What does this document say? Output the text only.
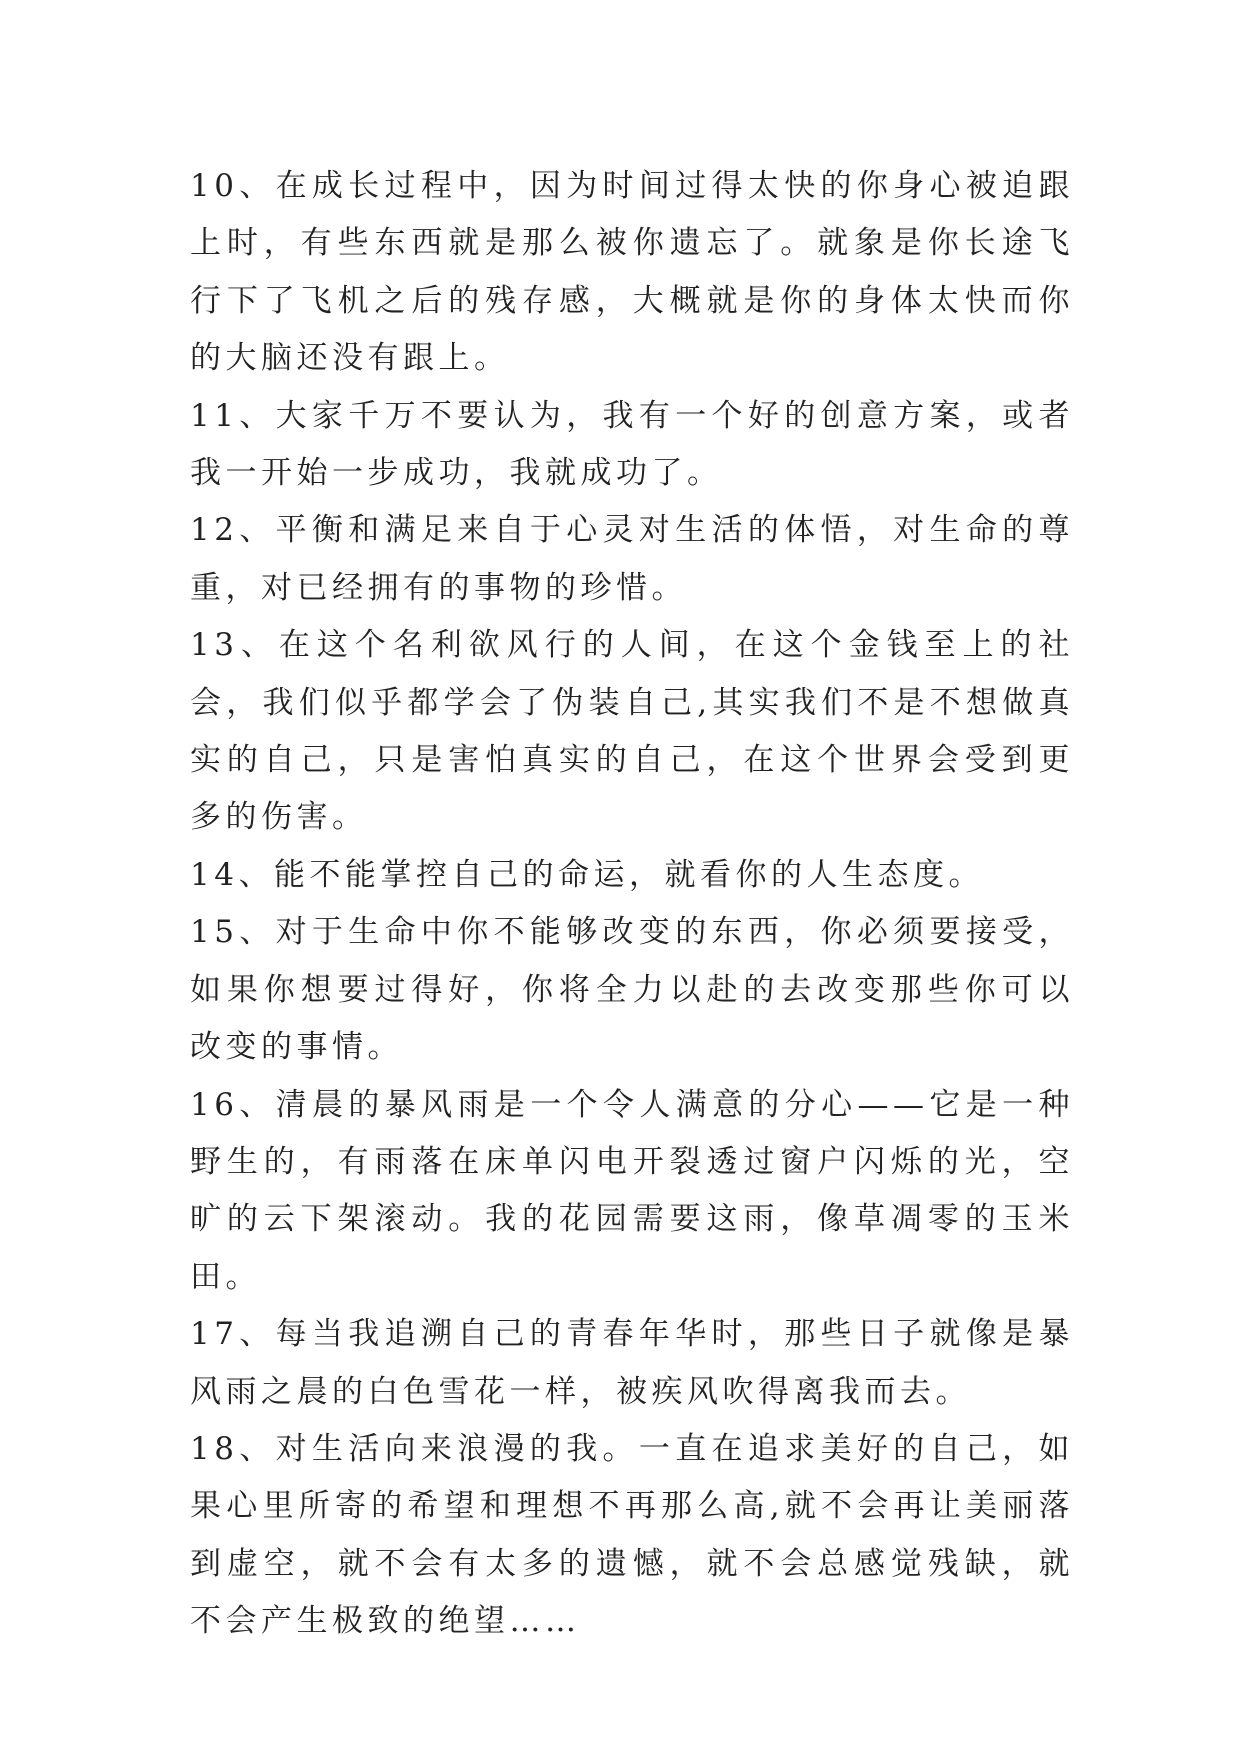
10、在成长过程中，因为时间过得太快的你身心被迫跟上时，有些东西就是那么被你遗忘了。就象是你长途飞行下了飞机之后的残存感，大概就是你的身体太快而你的大脑还没有跟上。

11、大家千万不要认为，我有一个好的创意方案，或者我一开始一步成功，我就成功了。

12、平衡和满足来自于心灵对生活的体悟，对生命的尊重，对已经拥有的事物的珍惜。

13、在这个名利欲风行的人间，在这个金钱至上的社会，我们似乎都学会了伪装自己,其实我们不是不想做真实的自己，只是害怕真实的自己，在这个世界会受到更多的伤害。

14、能不能掌控自己的命运，就看你的人生态度。

15、对于生命中你不能够改变的东西，你必须要接受，如果你想要过得好，你将全力以赴的去改变那些你可以改变的事情。

16、清晨的暴风雨是一个令人满意的分心——它是一种野生的，有雨落在床单闪电开裂透过窗户闪烁的光，空旷的云下架滚动。我的花园需要这雨，像草凋零的玉米田。

17、每当我追溯自己的青春年华时，那些日子就像是暴风雨之晨的白色雪花一样，被疾风吹得离我而去。

18、对生活向来浪漫的我。一直在追求美好的自己，如果心里所寄的希望和理想不再那么高,就不会再让美丽落到虚空，就不会有太多的遗憾，就不会总感觉残缺，就不会产生极致的绝望……
